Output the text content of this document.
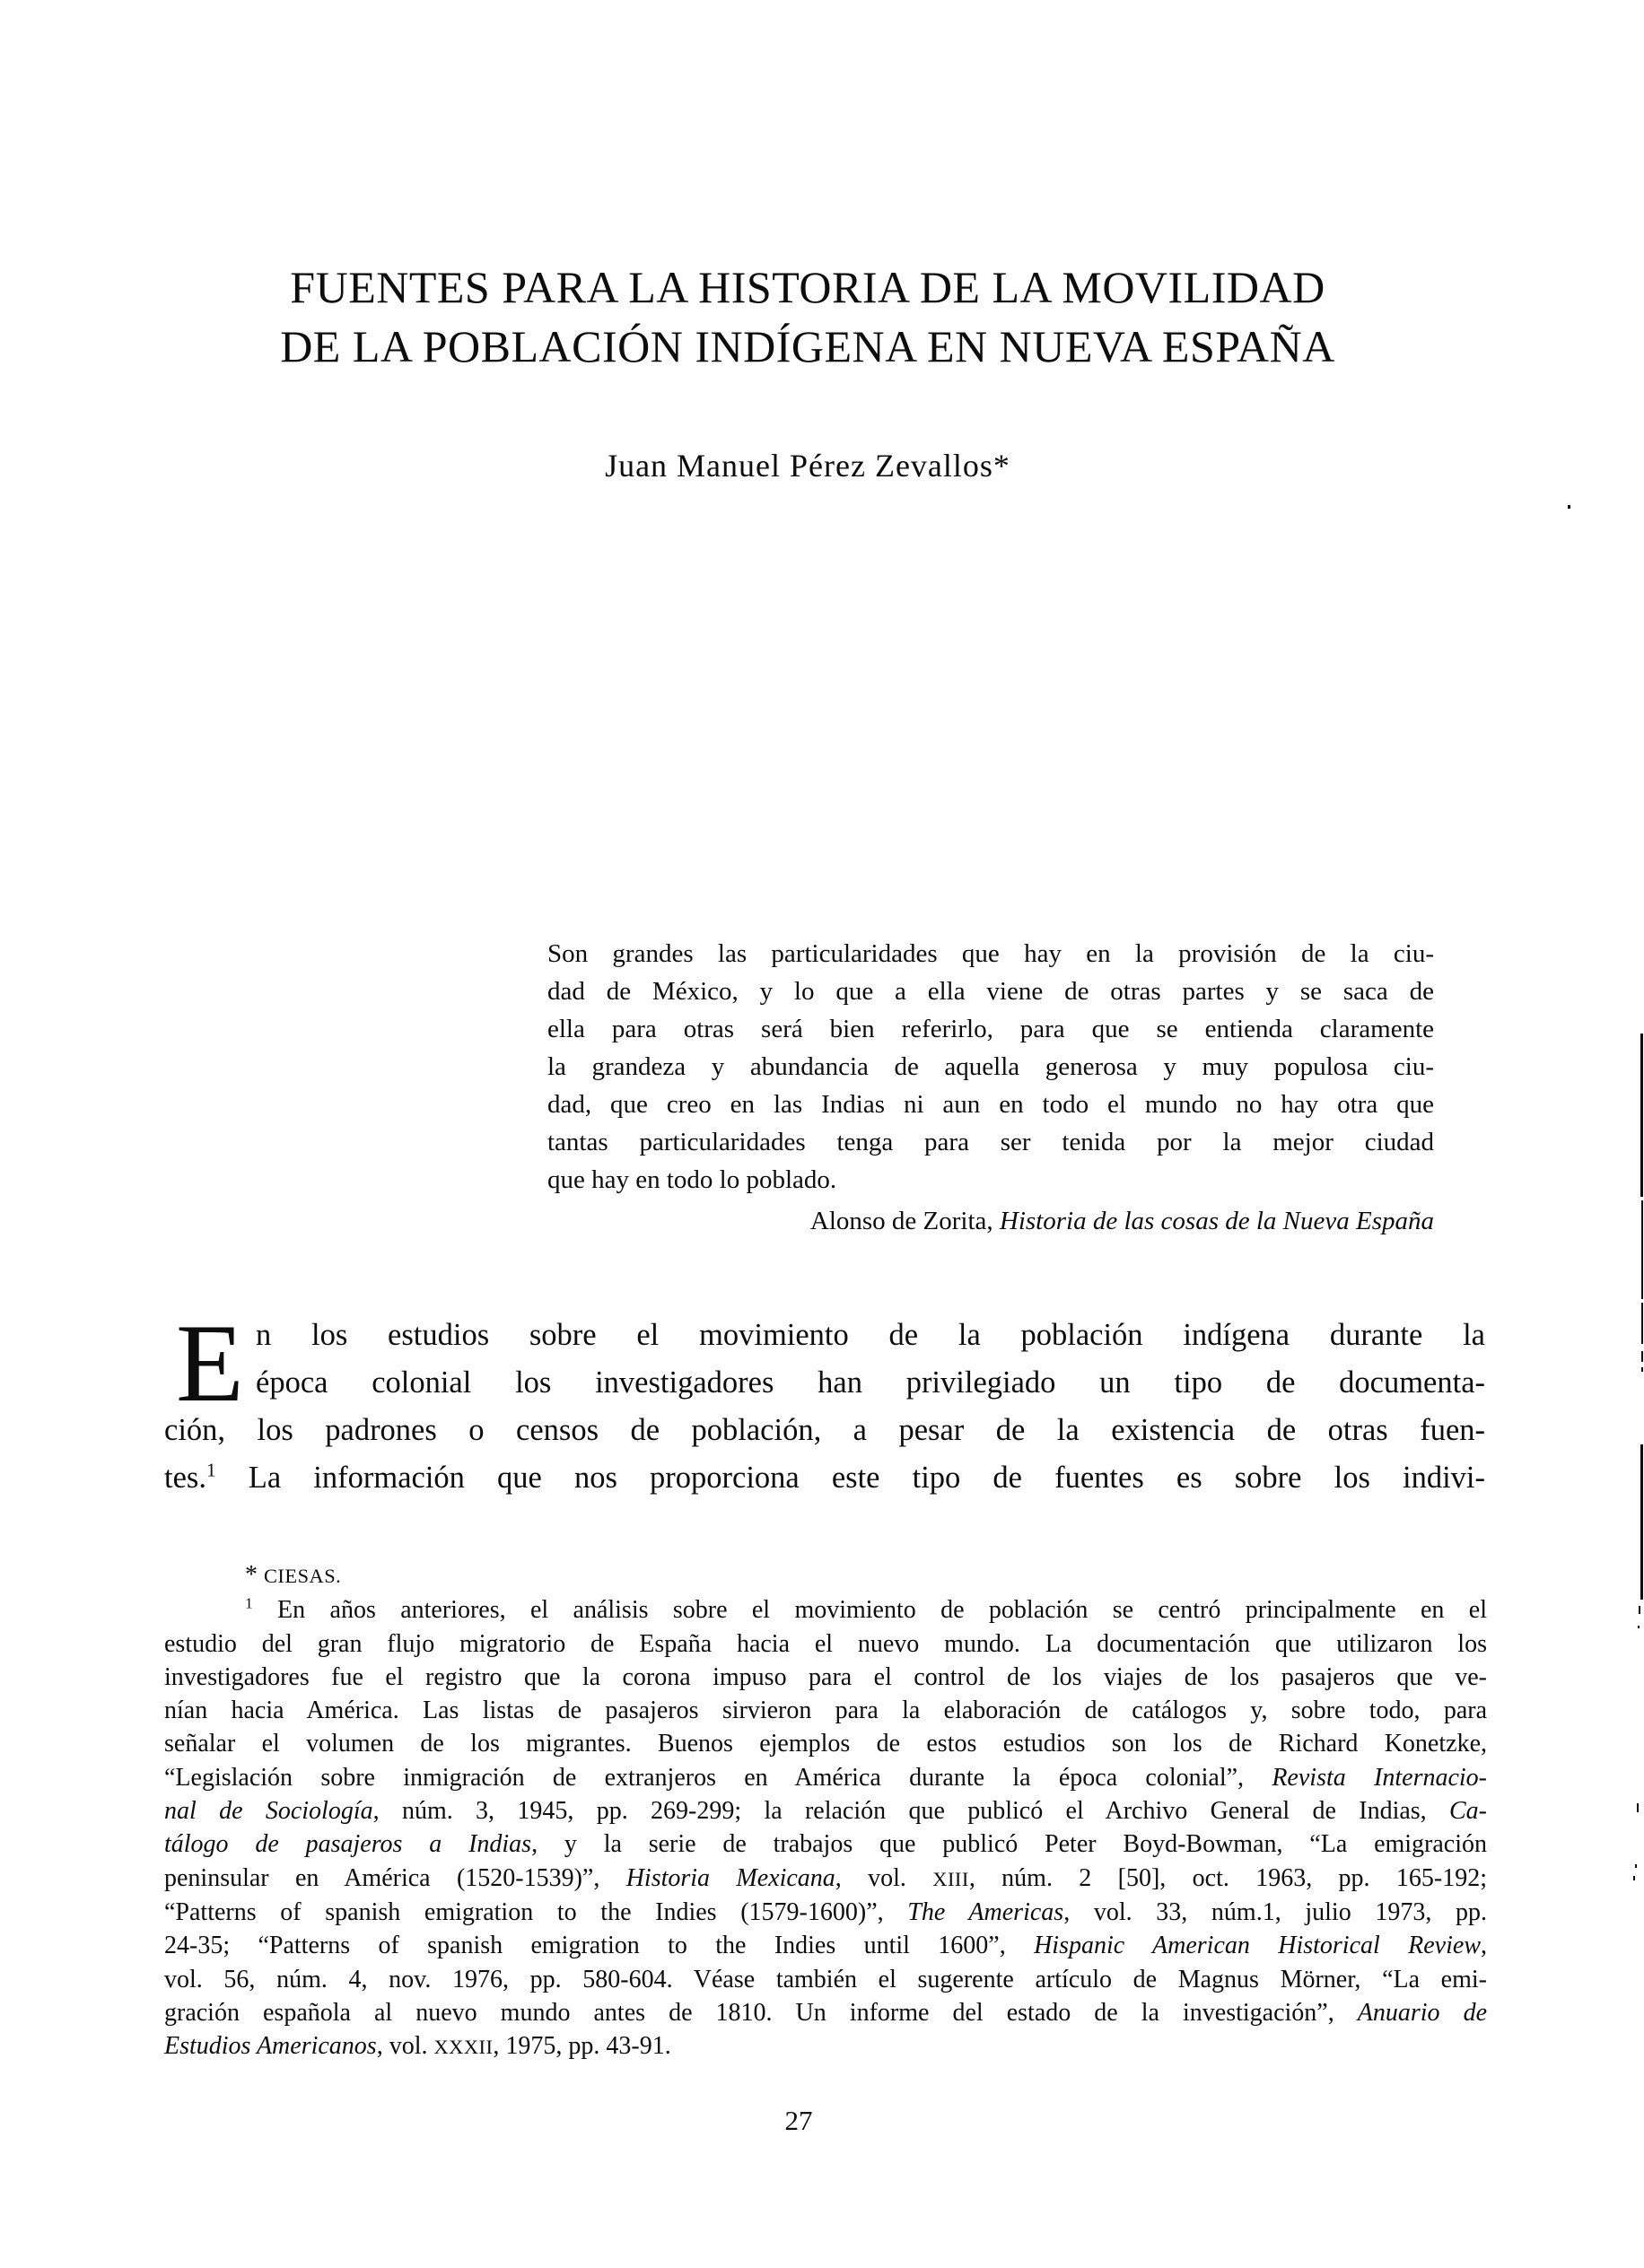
FUENTES PARA LA HISTORIA DE LA MOVILIDAD
DE LA POBLACIÓN INDÍGENA EN NUEVA ESPAÑA
Juan Manuel Pérez Zevallos*
Son grandes las particularidades que hay en la provisión de la ciu-
dad de México, y lo que a ella viene de otras partes y se saca de
ella para otras será bien referirlo, para que se entienda claramente
la grandeza y abundancia de aquella generosa y muy populosa ciu-
dad, que creo en las Indias ni aun en todo el mundo no hay otra que
tantas particularidades tenga para ser tenida por la mejor ciudad
que hay en todo lo poblado.
Alonso de Zorita, Historia de las cosas de la Nueva España
E n los estudios sobre el movimiento de la población indígena durante la
época colonial los investigadores han privilegiado un tipo de documenta-
ción, los padrones o censos de población, a pesar de la existencia de otras fuen-
tes.$^1$ La información que nos proporciona este tipo de fuentes es sobre los indivi-
* CIESAS.
$^1$ En años anteriores, el análisis sobre el movimiento de población se centró principalmente en el
estudio del gran flujo migratorio de España hacia el nuevo mundo. La documentación que utilizaron los
investigadores fue el registro que la corona impuso para el control de los viajes de los pasajeros que ve-
nían hacia América. Las listas de pasajeros sirvieron para la elaboración de catálogos y, sobre todo, para
señalar el volumen de los migrantes. Buenos ejemplos de estos estudios son los de Richard Konetzke,
“Legislación sobre inmigración de extranjeros en América durante la época colonial”, Revista Internacio-
nal de Sociología, núm. 3, 1945, pp. 269-299; la relación que publicó el Archivo General de Indias, Ca-
tálogo de pasajeros a Indias, y la serie de trabajos que publicó Peter Boyd-Bowman, “La emigración
peninsular en América (1520-1539)”, Historia Mexicana, vol. XIII, núm. 2 [50], oct. 1963, pp. 165-192;
“Patterns of spanish emigration to the Indies (1579-1600)”, The Americas, vol. 33, núm.1, julio 1973, pp.
24-35; “Patterns of spanish emigration to the Indies until 1600”, Hispanic American Historical Review,
vol. 56, núm. 4, nov. 1976, pp. 580-604. Véase también el sugerente artículo de Magnus Mörner, “La emi-
gración española al nuevo mundo antes de 1810. Un informe del estado de la investigación”, Anuario de
Estudios Americanos, vol. XXXII, 1975, pp. 43-91.
27
